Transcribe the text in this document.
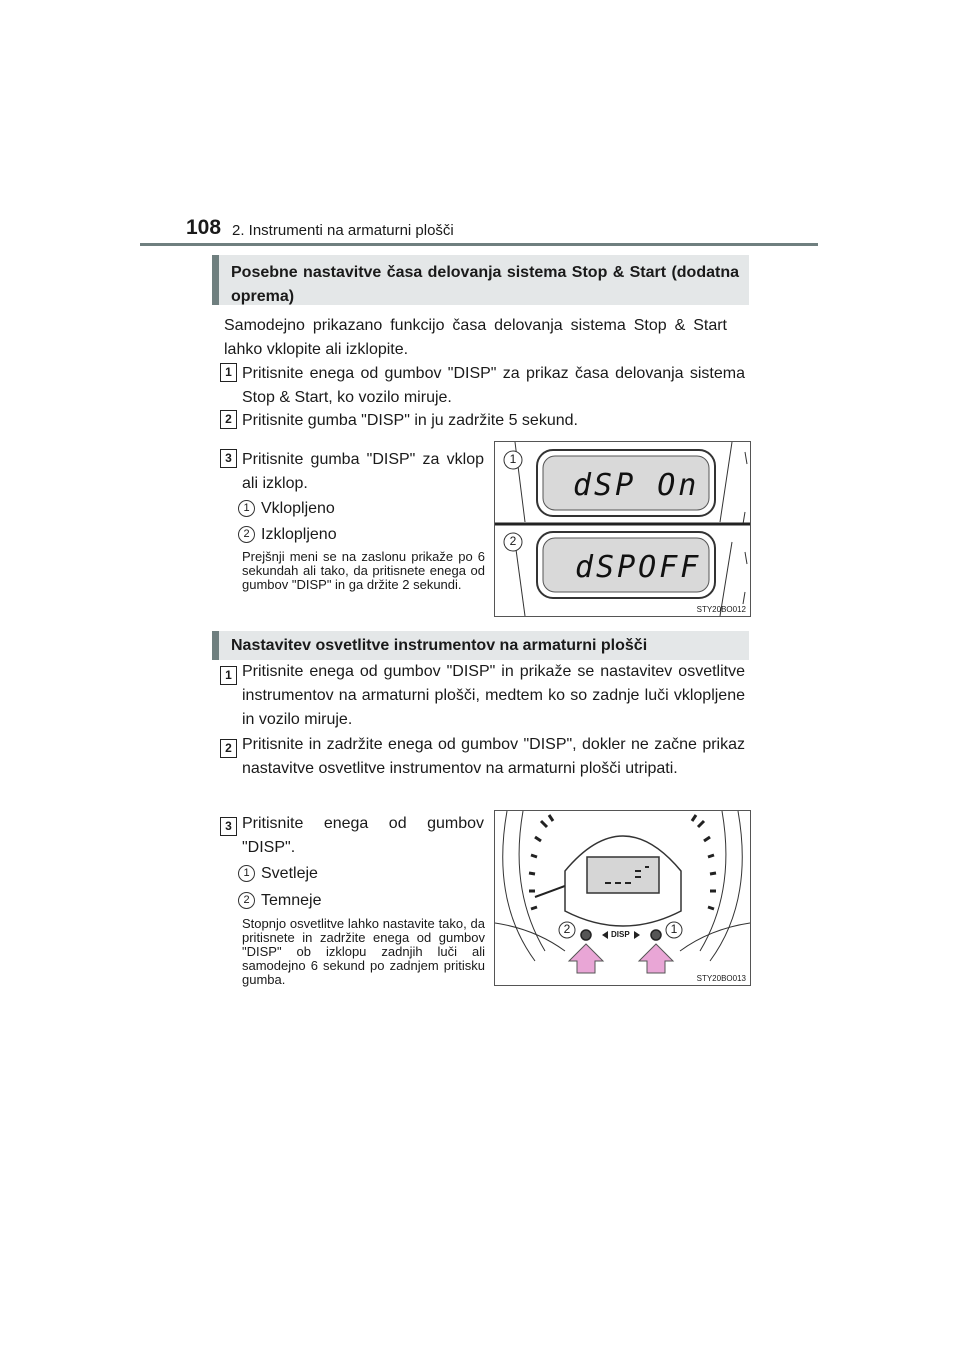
108 2. Instrumenti na armaturni plošči
Posebne nastavitve časa delovanja sistema Stop & Start (dodatna oprema)
Samodejno prikazano funkcijo časa delovanja sistema Stop & Start lahko vklopite ali izklopite.
1 Pritisnite enega od gumbov "DISP" za prikaz časa delovanja sistema Stop & Start, ko vozilo miruje.
2 Pritisnite gumba "DISP" in ju zadržite 5 sekund.
3 Pritisnite gumba "DISP" za vklop ali izklop.
1 Vklopljeno
2 Izklopljeno
Prejšnji meni se na zaslonu prikaže po 6 sekundah ali tako, da pritisnete enega od gumbov "DISP" in ga držite 2 sekundi.
1
2
dSP On
dSPOFF
STY20BO012
Nastavitev osvetlitve instrumentov na armaturni plošči
1 Pritisnite enega od gumbov "DISP" in prikaže se nastavitev osvetlitve instrumentov na armaturni plošči, medtem ko so zadnje luči vklopljene in vozilo miruje.
2 Pritisnite in zadržite enega od gumbov "DISP", dokler ne začne prikaz nastavitve osvetlitve instrumentov na armaturni plošči utripati.
3 Pritisnite enega od gumbov "DISP".
1 Svetleje
2 Temneje
Stopnjo osvetlitve lahko nastavite tako, da pritisnete in zadržite enega od gumbov "DISP" ob izklopu zadnjih luči ali samodejno 6 sekund po zadnjem pritisku gumba.
2	1
DISP
STY20BO013
